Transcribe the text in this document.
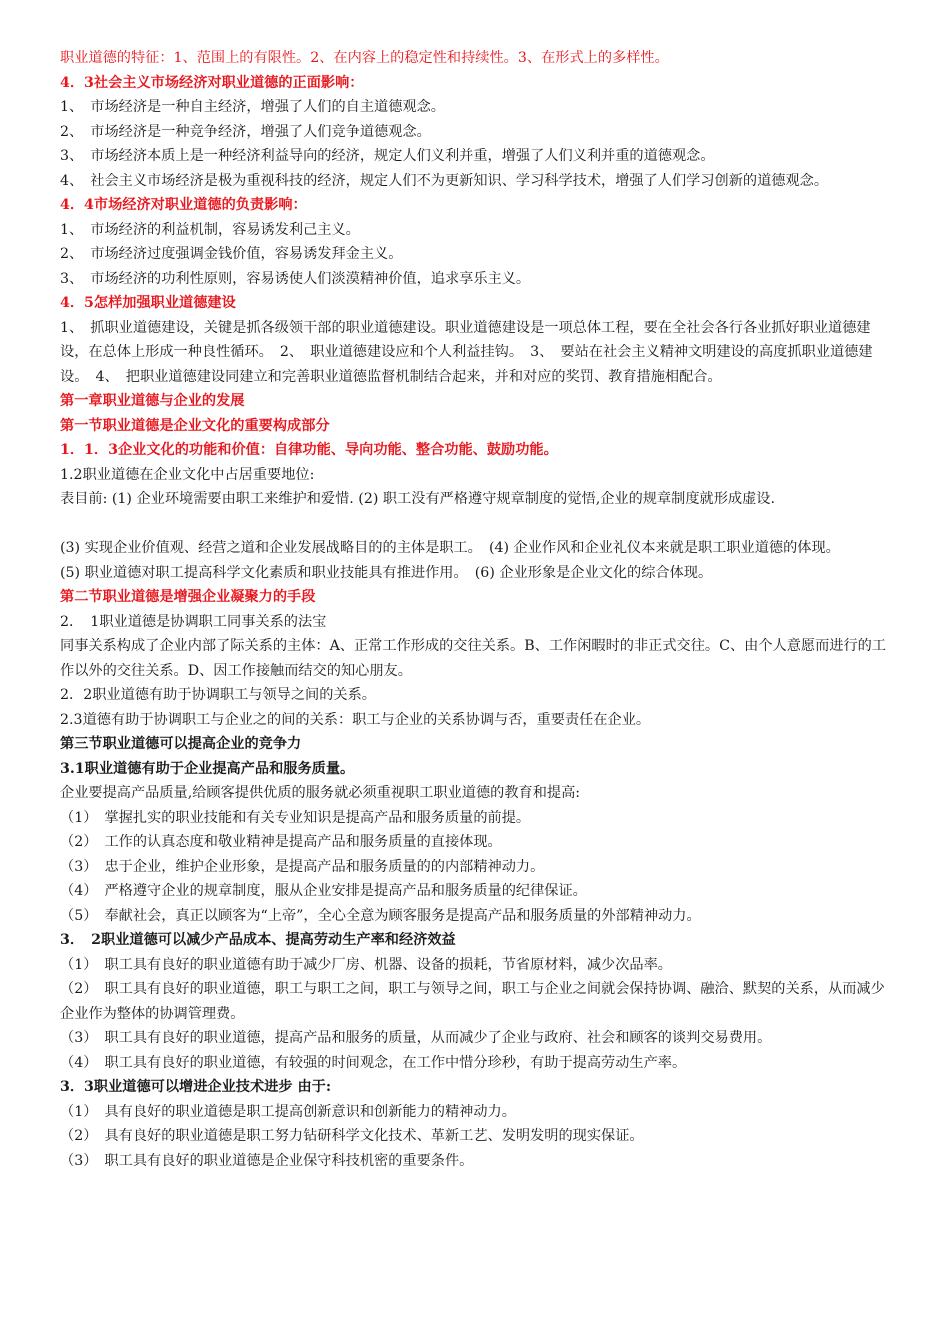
职业道德的特征：1、范围上的有限性。2、在内容上的稳定性和持续性。3、在形式上的多样性。
4．3社会主义市场经济对职业道德的正面影响：
1、　市场经济是一种自主经济，增强了人们的自主道德观念。
2、　市场经济是一种竞争经济，增强了人们竞争道德观念。
3、　市场经济本质上是一种经济利益导向的经济，规定人们义利并重，增强了人们义利并重的道德观念。
4、　社会主义市场经济是极为重视科技的经济，规定人们不为更新知识、学习科学技术，增强了人们学习创新的道德观念。
4．4市场经济对职业道德的负责影响：
1、　市场经济的利益机制，容易诱发利己主义。
2、　市场经济过度强调金钱价值，容易诱发拜金主义。
3、　市场经济的功利性原则，容易诱使人们淡漠精神价值，追求享乐主义。
4．5怎样加强职业道德建设
1、　抓职业道德建设，关键是抓各级领干部的职业道德建设。职业道德建设是一项总体工程，要在全社会各行各业抓好职业道德建设，在总体上形成一种良性循环。　2、　职业道德建设应和个人利益挂钩。　3、　要站在社会主义精神文明建设的高度抓职业道德建设。　4、　把职业道德建设同建立和完善职业道德监督机制结合起来，并和对应的奖罚、教育措施相配合。
第一章职业道德与企业的发展
第一节职业道德是企业文化的重要构成部分
1．1．3企业文化的功能和价值：自律功能、导向功能、整合功能、鼓励功能。
1.2职业道德在企业文化中占居重要地位:
表目前: (1) 企业环境需要由职工来维护和爱惜. (2) 职工没有严格遵守规章制度的觉悟,企业的规章制度就形成虚设.
(3) 实现企业价值观、经营之道和企业发展战略目的的主体是职工。　(4) 企业作风和企业礼仪本来就是职工职业道德的体现。
(5) 职业道德对职工提高科学文化素质和职业技能具有推进作用。　(6) 企业形象是企业文化的综合体现。
第二节职业道德是增强企业凝聚力的手段
2．　1职业道德是协调职工同事关系的法宝
同事关系构成了企业内部了际关系的主体：A、正常工作形成的交往关系。B、工作闲暇时的非正式交往。C、由个人意愿而进行的工作以外的交往关系。D、因工作接触而结交的知心朋友。
2．2职业道德有助于协调职工与领导之间的关系。
2.3道德有助于协调职工与企业之的间的关系：职工与企业的关系协调与否，重要责任在企业。
第三节职业道德可以提高企业的竞争力
3.1职业道德有助于企业提高产品和服务质量。
企业要提高产品质量,给顾客提供优质的服务就必须重视职工职业道德的教育和提高:
（1）　掌握扎实的职业技能和有关专业知识是提高产品和服务质量的前提。
（2）　工作的认真态度和敬业精神是提高产品和服务质量的直接体现。
（3）　忠于企业，维护企业形象，是提高产品和服务质量的的内部精神动力。
（4）　严格遵守企业的规章制度，服从企业安排是提高产品和服务质量的纪律保证。
（5）　奉献社会，真正以顾客为“上帝”，全心全意为顾客服务是提高产品和服务质量的外部精神动力。
3．　2职业道德可以减少产品成本、提高劳动生产率和经济效益
（1）　职工具有良好的职业道德有助于减少厂房、机器、设备的损耗，节省原材料，减少次品率。
（2）　职工具有良好的职业道德，职工与职工之间，职工与领导之间，职工与企业之间就会保持协调、融洽、默契的关系，从而减少企业作为整体的协调管理费。
（3）　职工具有良好的职业道德，提高产品和服务的质量，从而减少了企业与政府、社会和顾客的谈判交易费用。
（4）　职工具有良好的职业道德，有较强的时间观念，在工作中惜分珍秒，有助于提高劳动生产率。
3．3职业道德可以增进企业技术进步 由于:
（1）　具有良好的职业道德是职工提高创新意识和创新能力的精神动力。
（2）　具有良好的职业道德是职工努力钻研科学文化技术、革新工艺、发明发明的现实保证。
（3）　职工具有良好的职业道德是企业保守科技机密的重要条件。
